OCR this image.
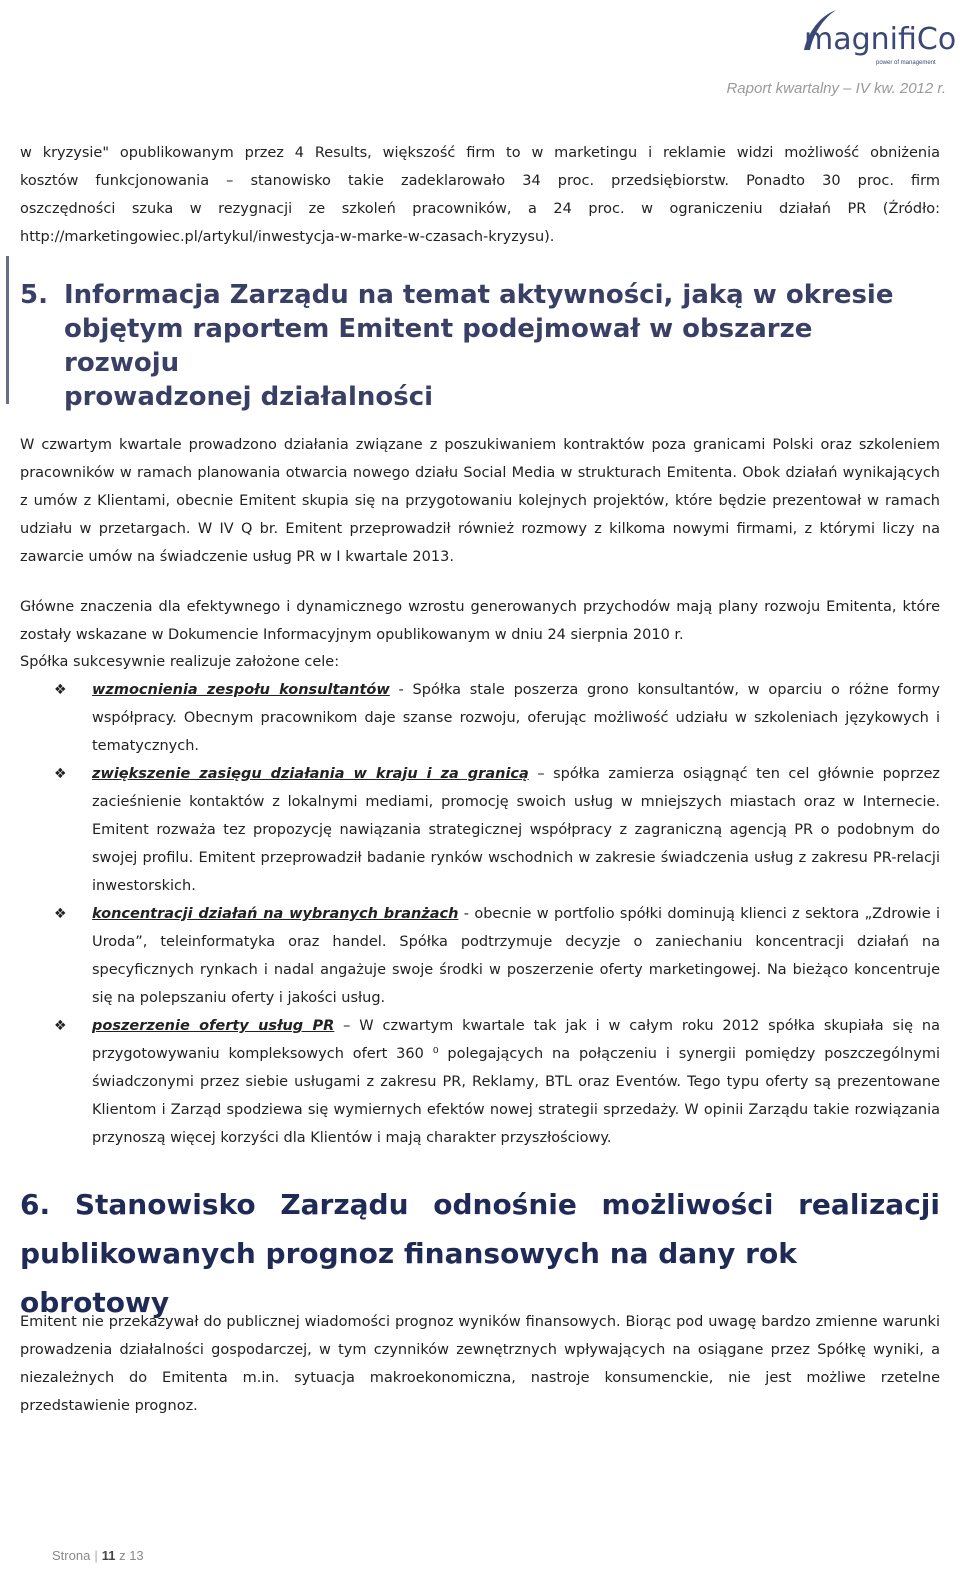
magnifiCo
power of management
Raport kwartalny – IV kw. 2012 r.
w kryzysie" opublikowanym przez 4 Results, większość firm to w marketingu i reklamie widzi możliwość obniżenia
kosztów funkcjonowania – stanowisko takie zadeklarowało 34 proc. przedsiębiorstw. Ponadto 30 proc. firm
oszczędności szuka w rezygnacji ze szkoleń pracowników, a 24 proc. w ograniczeniu działań PR (Źródło:
http://marketingowiec.pl/artykul/inwestycja-w-marke-w-czasach-kryzysu).
5. Informacja Zarządu na temat aktywności, jaką w okresie
objętym raportem Emitent podejmował w obszarze rozwoju
prowadzonej działalności

W czwartym kwartale prowadzono działania związane z poszukiwaniem kontraktów poza granicami Polski oraz szkoleniem pracowników w ramach planowania otwarcia nowego działu Social Media w strukturach Emitenta. Obok działań wynikających z umów z Klientami, obecnie Emitent skupia się na przygotowaniu kolejnych projektów, które będzie prezentował w ramach udziału w przetargach. W IV Q br. Emitent przeprowadził również rozmowy z kilkoma nowymi firmami, z którymi liczy na zawarcie umów na świadczenie usług PR w I kwartale 2013.

Główne znaczenia dla efektywnego i dynamicznego wzrostu generowanych przychodów mają plany rozwoju Emitenta, które zostały wskazane w Dokumencie Informacyjnym opublikowanym w dniu 24 sierpnia 2010 r.

Spółka sukcesywnie realizuje założone cele:

❖ wzmocnienia zespołu konsultantów - Spółka stale poszerza grono konsultantów, w oparciu o różne formy współpracy. Obecnym pracownikom daje szanse rozwoju, oferując możliwość udziału w szkoleniach językowych i tematycznych.
❖ zwiększenie zasięgu działania w kraju i za granicą – spółka zamierza osiągnąć ten cel głównie poprzez zacieśnienie kontaktów z lokalnymi mediami, promocję swoich usług w mniejszych miastach oraz w Internecie. Emitent rozważa tez propozycję nawiązania strategicznej współpracy z zagraniczną agencją PR o podobnym do swojej profilu. Emitent przeprowadził badanie rynków wschodnich w zakresie świadczenia usług z zakresu PR-relacji inwestorskich.
❖ koncentracji działań na wybranych branżach - obecnie w portfolio spółki dominują klienci z sektora „Zdrowie i Uroda”, teleinformatyka oraz handel. Spółka podtrzymuje decyzje o zaniechaniu koncentracji działań na specyficznych rynkach i nadal angażuje swoje środki w poszerzenie oferty marketingowej. Na bieżąco koncentruje się na polepszaniu oferty i jakości usług.
❖ poszerzenie oferty usług PR – W czwartym kwartale tak jak i w całym roku 2012 spółka skupiała się na przygotowywaniu kompleksowych ofert 360 ⁰ polegających na połączeniu i synergii pomiędzy poszczególnymi świadczonymi przez siebie usługami z zakresu PR, Reklamy, BTL oraz Eventów. Tego typu oferty są prezentowane Klientom i Zarząd spodziewa się wymiernych efektów nowej strategii sprzedaży. W opinii Zarządu takie rozwiązania przynoszą więcej korzyści dla Klientów i mają charakter przyszłościowy.
6. Stanowisko Zarządu odnośnie możliwości realizacji
publikowanych prognoz finansowych na dany rok obrotowy

Emitent nie przekazywał do publicznej wiadomości prognoz wyników finansowych. Biorąc pod uwagę bardzo zmienne warunki prowadzenia działalności gospodarczej, w tym czynników zewnętrznych wpływających na osiągane przez Spółkę wyniki, a niezależnych do Emitenta m.in. sytuacja makroekonomiczna, nastroje konsumenckie, nie jest możliwe rzetelne przedstawienie prognoz.

Strona | 11 z 13
